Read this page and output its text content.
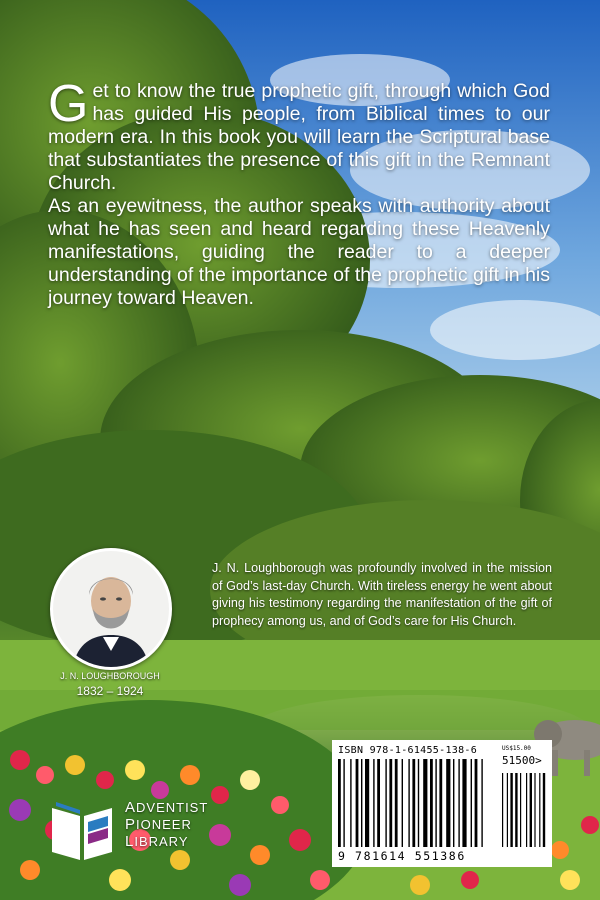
Get to know the true prophetic gift, through which God has guided His people, from Biblical times to our modern era. In this book you will learn the Scriptural base that substantiates the presence of this gift in the Remnant Church.

As an eyewitness, the author speaks with authority about what he has seen and heard regarding these Heavenly manifestations, guiding the reader to a deeper understanding of the importance of the prophetic gift in his journey toward Heaven.

J. N. LOUGHBOROUGH
1832 – 1924
J. N. Loughborough was profoundly involved in the mission of God’s last-day Church. With tireless energy he went about giving his testimony regarding the manifestation of the gift of prophecy among us, and of God’s care for His Church.
ISBN 978-1-61455-138-6	US$15.00
51500>
9 781614 551386
ADVENTIST
PIONEER
LIBRARY
